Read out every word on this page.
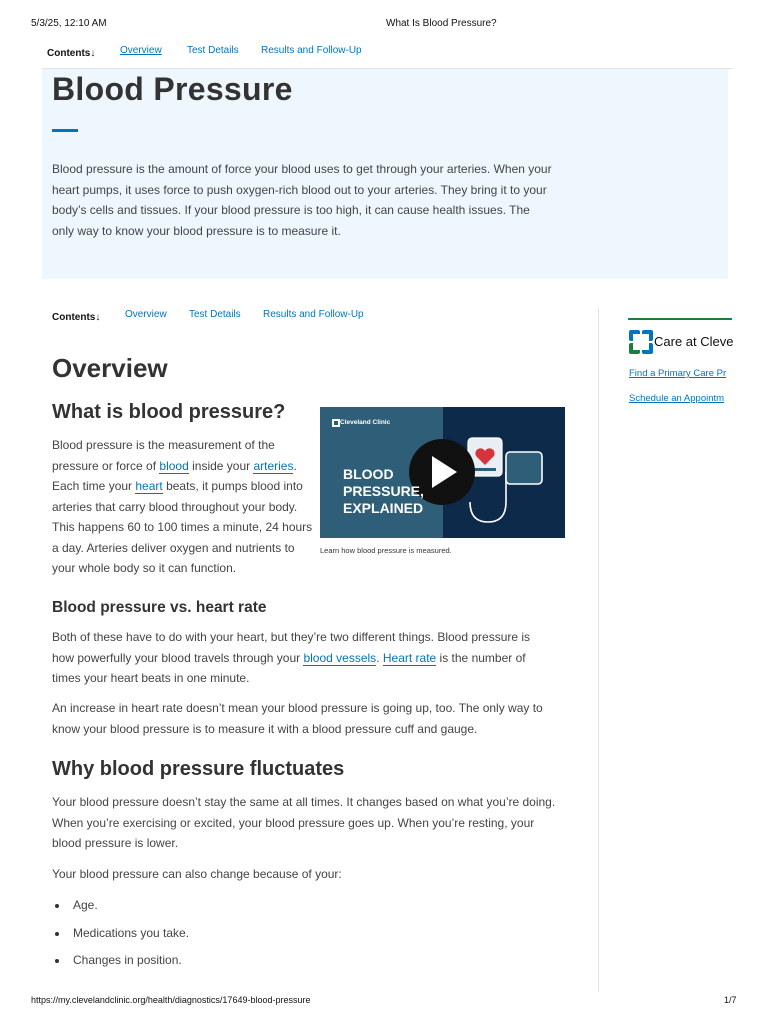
5/3/25, 12:10 AM	What Is Blood Pressure?
Contents↓ Overview	Test Details Results and Follow-Up
Blood Pressure

Blood pressure is the amount of force your blood uses to get through your arteries. When your heart pumps, it uses force to push oxygen-rich blood out to your arteries. They bring it to your body’s cells and tissues. If your blood pressure is too high, it can cause health issues. The only way to know your blood pressure is to measure it.

Contents↓ Overview Test Details Results and Follow-Up
Overview
What is blood pressure?

Blood pressure is the measurement of the pressure or force of blood inside your arteries. Each time your heart beats, it pumps blood into arteries that carry blood throughout your body. This happens 60 to 100 times a minute, 24 hours a day. Arteries deliver oxygen and nutrients to your whole body so it can function.

Cleveland Clinic
BLOOD
PRESSURE,
EXPLAINED
Learn how blood pressure is measured.
Blood pressure vs. heart rate

Both of these have to do with your heart, but they’re two different things. Blood pressure is how powerfully your blood travels through your blood vessels. Heart rate is the number of times your heart beats in one minute.

An increase in heart rate doesn’t mean your blood pressure is going up, too. The only way to know your blood pressure is to measure it with a blood pressure cuff and gauge.

Why blood pressure fluctuates

Your blood pressure doesn’t stay the same at all times. It changes based on what you’re doing. When you’re exercising or excited, your blood pressure goes up. When you’re resting, your blood pressure is lower.

Your blood pressure can also change because of your:

Age.
Medications you take.
Changes in position.
Care at Cleve
Find a Primary Care Pr
Schedule an Appointm
https://my.clevelandclinic.org/health/diagnostics/17649-blood-pressure	1/7
